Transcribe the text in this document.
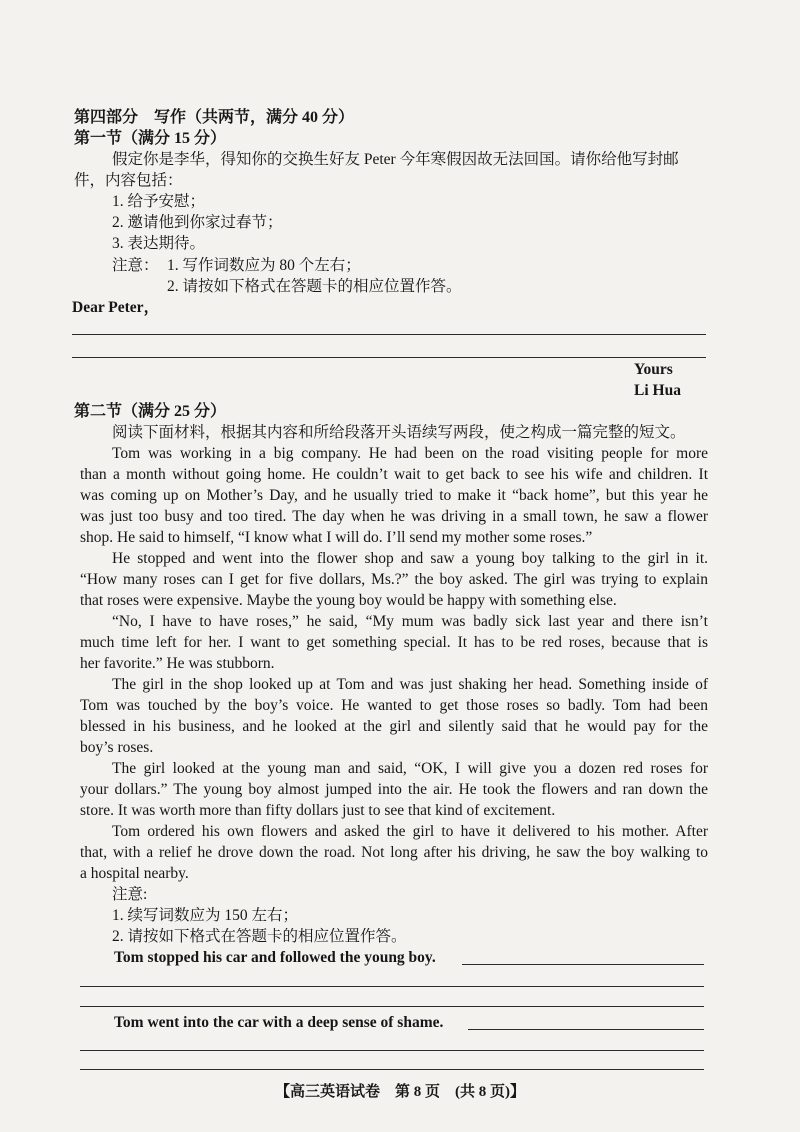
第四部分　写作（共两节，满分 40 分）
第一节（满分 15 分）
假定你是李华，得知你的交换生好友 Peter 今年寒假因故无法回国。请你给他写封邮
件，内容包括：
1. 给予安慰；
2. 邀请他到你家过春节；
3. 表达期待。
注意： 1. 写作词数应为 80 个左右；
2. 请按如下格式在答题卡的相应位置作答。
Dear Peter，
Yours
Li Hua
第二节（满分 25 分）
阅读下面材料，根据其内容和所给段落开头语续写两段，使之构成一篇完整的短文。
Tom was working in a big company. He had been on the road visiting people for more
than a month without going home. He couldn’t wait to get back to see his wife and children. It
was coming up on Mother’s Day, and he usually tried to make it “back home”, but this year he
was just too busy and too tired. The day when he was driving in a small town, he saw a flower
shop. He said to himself, “I know what I will do. I’ll send my mother some roses.”
He stopped and went into the flower shop and saw a young boy talking to the girl in it.
“How many roses can I get for five dollars, Ms.?” the boy asked. The girl was trying to explain
that roses were expensive. Maybe the young boy would be happy with something else.
“No, I have to have roses,” he said, “My mum was badly sick last year and there isn’t
much time left for her. I want to get something special. It has to be red roses, because that is
her favorite.” He was stubborn.
The girl in the shop looked up at Tom and was just shaking her head. Something inside of
Tom was touched by the boy’s voice. He wanted to get those roses so badly. Tom had been
blessed in his business, and he looked at the girl and silently said that he would pay for the
boy’s roses.
The girl looked at the young man and said, “OK, I will give you a dozen red roses for
your dollars.” The young boy almost jumped into the air. He took the flowers and ran down the
store. It was worth more than fifty dollars just to see that kind of excitement.
Tom ordered his own flowers and asked the girl to have it delivered to his mother. After
that, with a relief he drove down the road. Not long after his driving, he saw the boy walking to
a hospital nearby.
注意:
1. 续写词数应为 150 左右；
2. 请按如下格式在答题卡的相应位置作答。
Tom stopped his car and followed the young boy.
Tom went into the car with a deep sense of shame.
【高三英语试卷　第 8 页　(共 8 页)】
